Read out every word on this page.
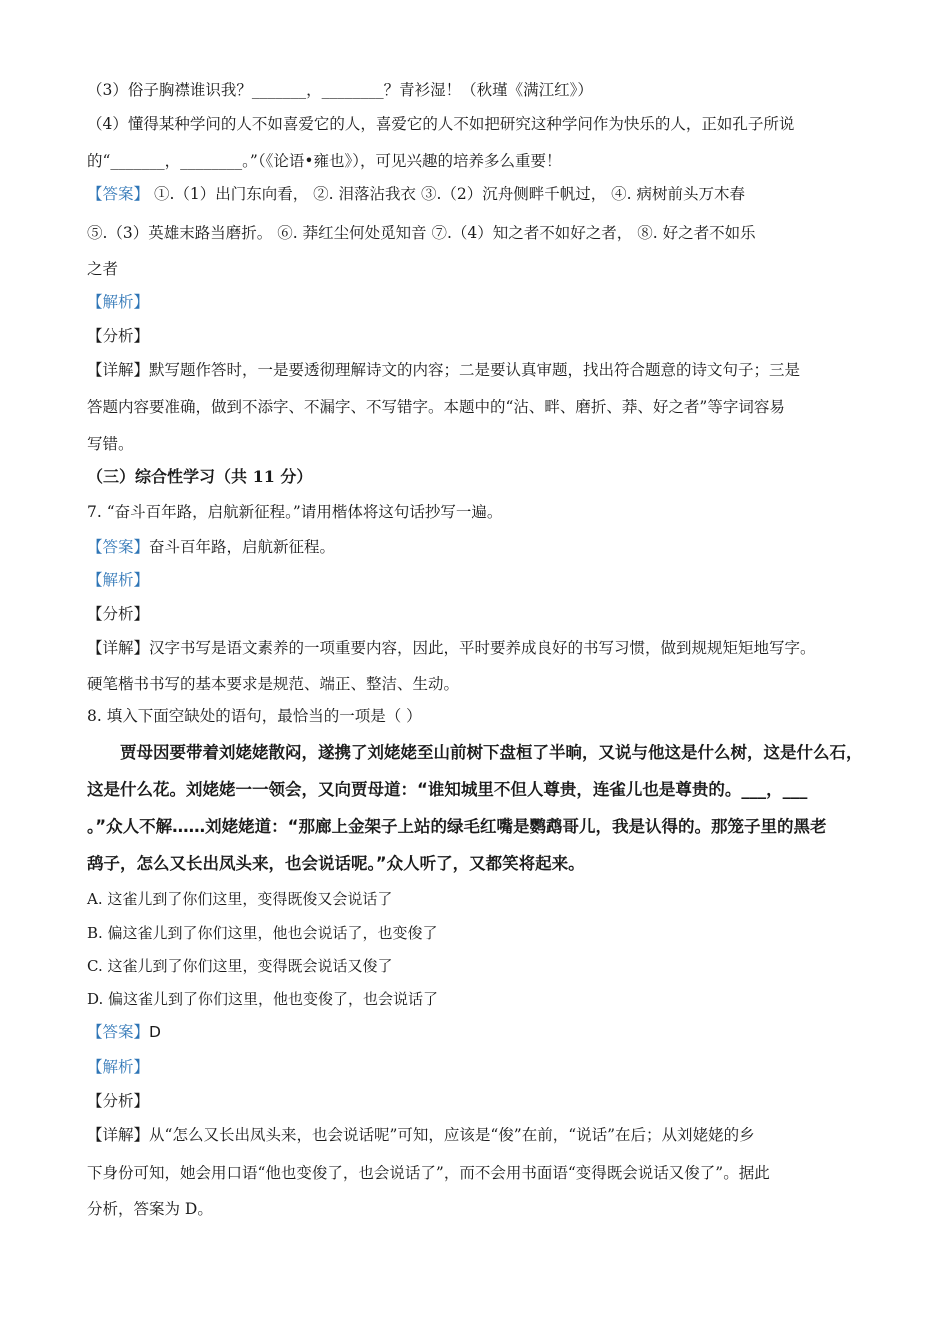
（3）俗子胸襟谁识我？_______，________？青衫湿！（秋瑾《满江红》）
（4）懂得某种学问的人不如喜爱它的人，喜爱它的人不如把研究这种学问作为快乐的人，正如孔子所说
的“_______，________。”（《论语•雍也》），可见兴趣的培养多么重要！
【答案】 ①.（1）出门东向看， ②. 泪落沾我衣 ③.（2）沉舟侧畔千帆过， ④. 病树前头万木春
⑤.（3）英雄末路当磨折。 ⑥. 莽红尘何处觅知音 ⑦.（4）知之者不如好之者， ⑧. 好之者不如乐
之者
【解析】
【分析】
【详解】默写题作答时，一是要透彻理解诗文的内容；二是要认真审题，找出符合题意的诗文句子；三是
答题内容要准确，做到不添字、不漏字、不写错字。本题中的“沾、畔、磨折、莽、好之者”等字词容易
写错。
（三）综合性学习（共 11 分）
7. “奋斗百年路，启航新征程。”请用楷体将这句话抄写一遍。
【答案】奋斗百年路，启航新征程。
【解析】
【分析】
【详解】汉字书写是语文素养的一项重要内容，因此，平时要养成良好的书写习惯，做到规规矩矩地写字。
硬笔楷书书写的基本要求是规范、端正、整洁、生动。
8. 填入下面空缺处的语句，最恰当的一项是（ ）
贾母因要带着刘姥姥散闷，遂携了刘姥姥至山前树下盘桓了半晌，又说与他这是什么树，这是什么石，
这是什么花。刘姥姥一一领会，又向贾母道：“谁知城里不但人尊贵，连雀儿也是尊贵的。___，___
。”众人不解……刘姥姥道：“那廊上金架子上站的绿毛红嘴是鹦鹉哥儿，我是认得的。那笼子里的黑老
鸹子，怎么又长出凤头来，也会说话呢。”众人听了，又都笑将起来。
A. 这雀儿到了你们这里，变得既俊又会说话了
B. 偏这雀儿到了你们这里，他也会说话了，也变俊了
C. 这雀儿到了你们这里，变得既会说话又俊了
D. 偏这雀儿到了你们这里，他也变俊了，也会说话了
【答案】D
【解析】
【分析】
【详解】从“怎么又长出凤头来，也会说话呢”可知，应该是“俊”在前，“说话”在后；从刘姥姥的乡
下身份可知，她会用口语“他也变俊了，也会说话了”，而不会用书面语“变得既会说话又俊了”。据此
分析，答案为 D。
